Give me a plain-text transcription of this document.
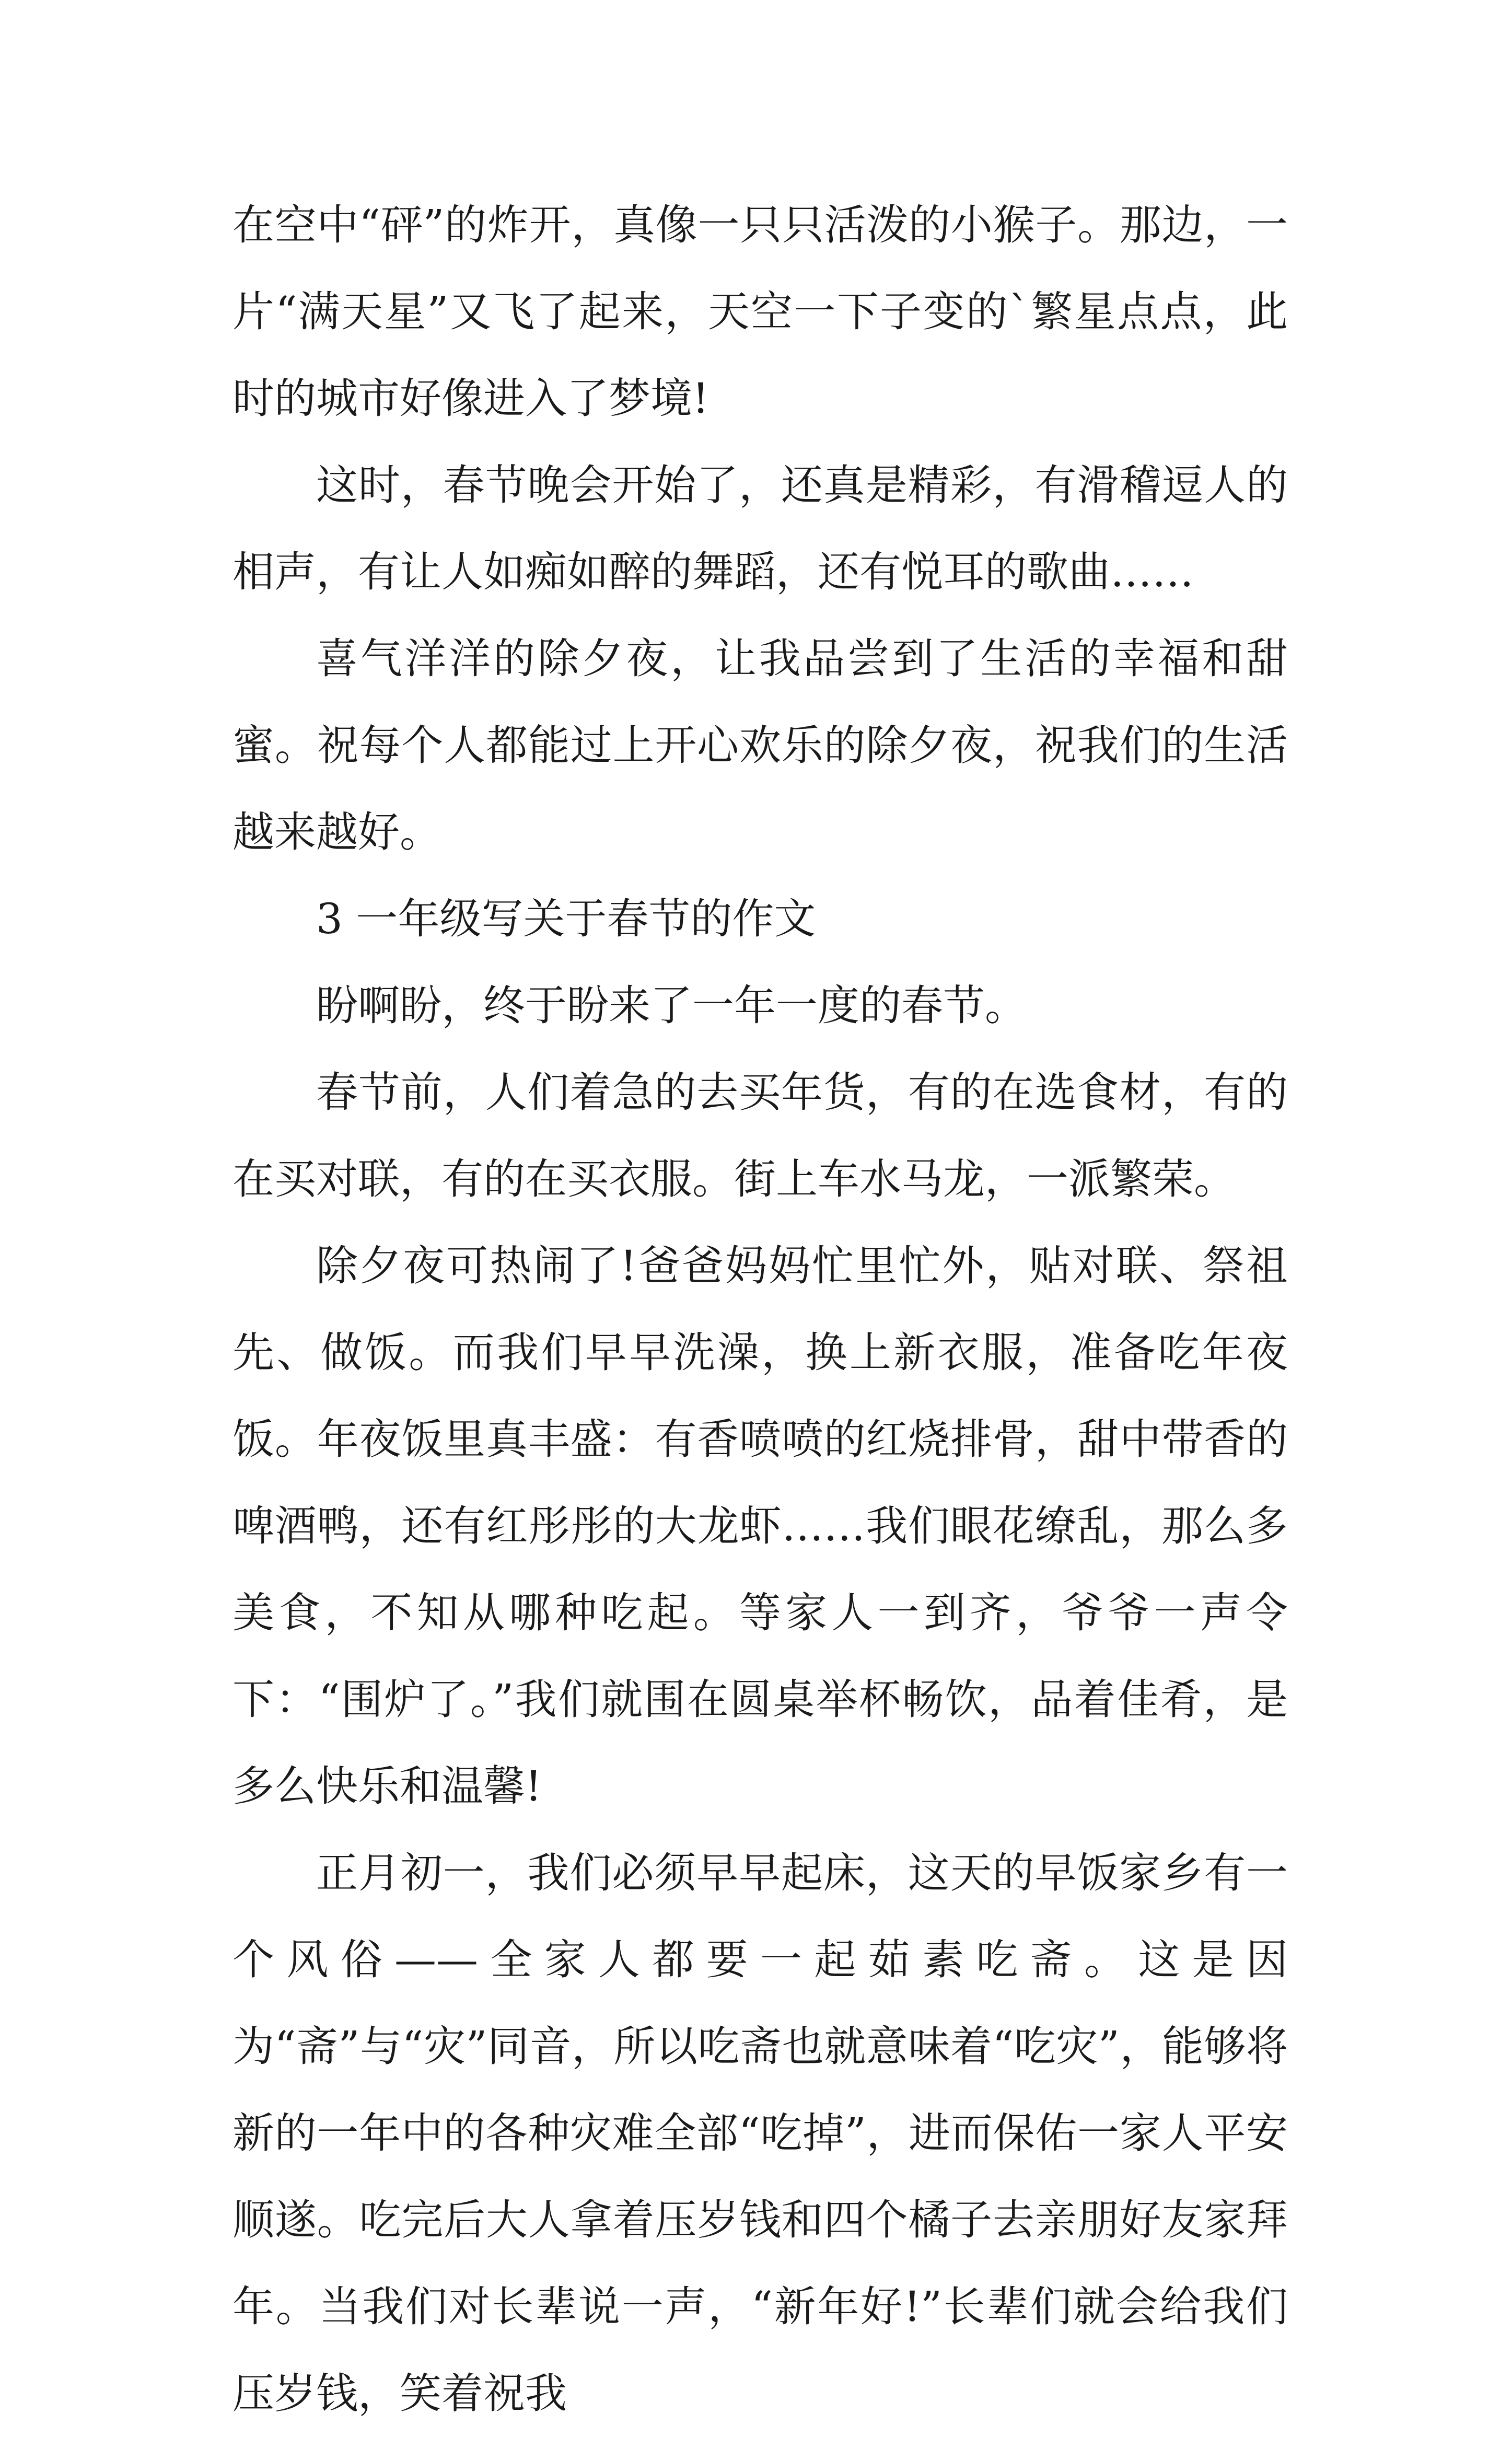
在空中“砰”的炸开，真像一只只活泼的小猴子。那边，一片“满天星”又飞了起来，天空一下子变的`繁星点点，此时的城市好像进入了梦境!

这时，春节晚会开始了，还真是精彩，有滑稽逗人的相声，有让人如痴如醉的舞蹈，还有悦耳的歌曲……

喜气洋洋的除夕夜，让我品尝到了生活的幸福和甜蜜。祝每个人都能过上开心欢乐的除夕夜，祝我们的生活越来越好。

3 一年级写关于春节的作文

盼啊盼，终于盼来了一年一度的春节。

春节前，人们着急的去买年货，有的在选食材，有的在买对联，有的在买衣服。街上车水马龙，一派繁荣。

除夕夜可热闹了!爸爸妈妈忙里忙外，贴对联、祭祖先、做饭。而我们早早洗澡，换上新衣服，准备吃年夜饭。年夜饭里真丰盛：有香喷喷的红烧排骨，甜中带香的啤酒鸭，还有红彤彤的大龙虾……我们眼花缭乱，那么多美食，不知从哪种吃起。等家人一到齐，爷爷一声令下：“围炉了。”我们就围在圆桌举杯畅饮，品着佳肴，是多么快乐和温馨!

正月初一，我们必须早早起床，这天的早饭家乡有一个风俗——全家人都要一起茹素吃斋。这是因为“斋”与“灾”同音，所以吃斋也就意味着“吃灾”，能够将新的一年中的各种灾难全部“吃掉”，进而保佑一家人平安顺遂。吃完后大人拿着压岁钱和四个橘子去亲朋好友家拜年。当我们对长辈说一声，“新年好!”长辈们就会给我们压岁钱，笑着祝我
